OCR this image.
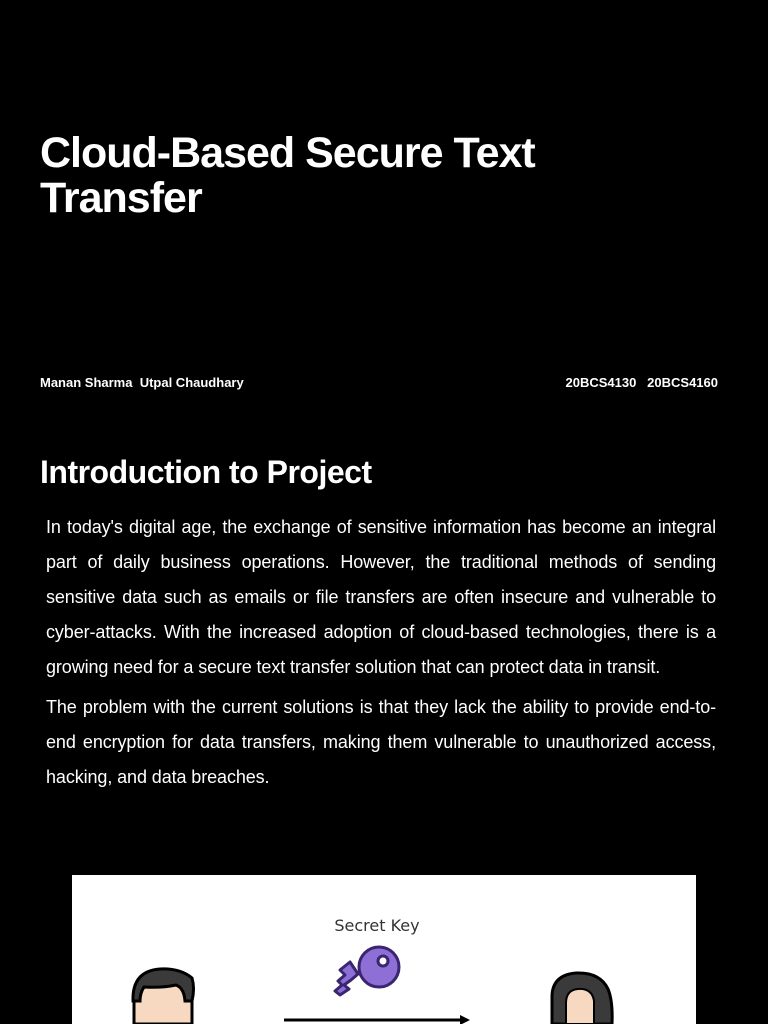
Cloud-Based Secure Text Transfer
Manan Sharma  Utpal Chaudhary	20BCS4130   20BCS4160
Introduction to Project

In today's digital age, the exchange of sensitive information has become an integral part of daily business operations. However, the traditional methods of sending sensitive data such as emails or file transfers are often insecure and vulnerable to cyber-attacks. With the increased adoption of cloud-based technologies, there is a growing need for a secure text transfer solution that can protect data in transit.

The problem with the current solutions is that they lack the ability to provide end-to-end encryption for data transfers, making them vulnerable to unauthorized access, hacking, and data breaches.

Secret Key
